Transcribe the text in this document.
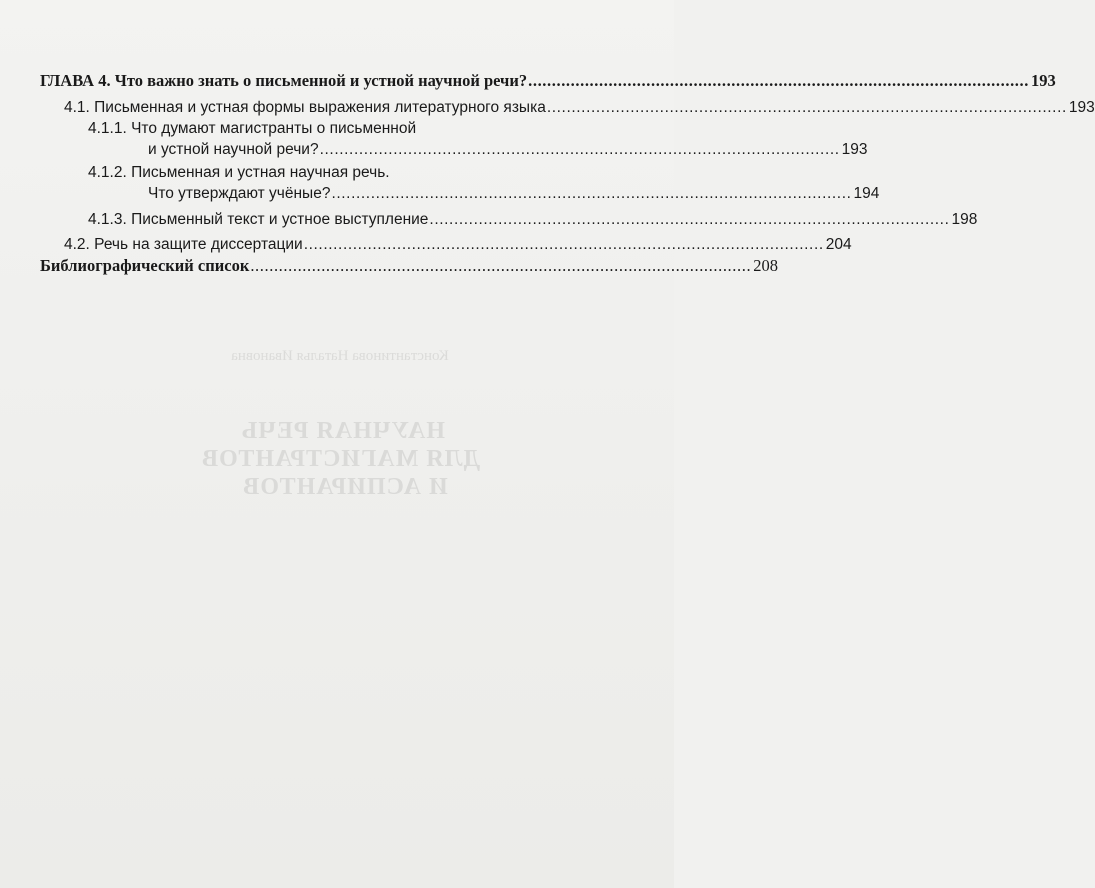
Константинова Наталья Ивановна
НАУЧНАЯ РЕЧЬ
ДЛЯ МАГИСТРАНТОВ
И АСПИРАНТОВ
ГЛАВА 4. Что важно знать о письменной и устной научной речи? .......................................................................................................... 193
4.1. Письменная и устная формы выражения литературного языка .......................................................................................................... 193
4.1.1. Что думают магистранты о письменной
и устной научной речи? .......................................................................................................... 193
4.1.2. Письменная и устная научная речь.
Что утверждают учёные? .......................................................................................................... 194
4.1.3. Письменный текст и устное выступление .......................................................................................................... 198
4.2. Речь на защите диссертации .......................................................................................................... 204
Библиографический список .......................................................................................................... 208
